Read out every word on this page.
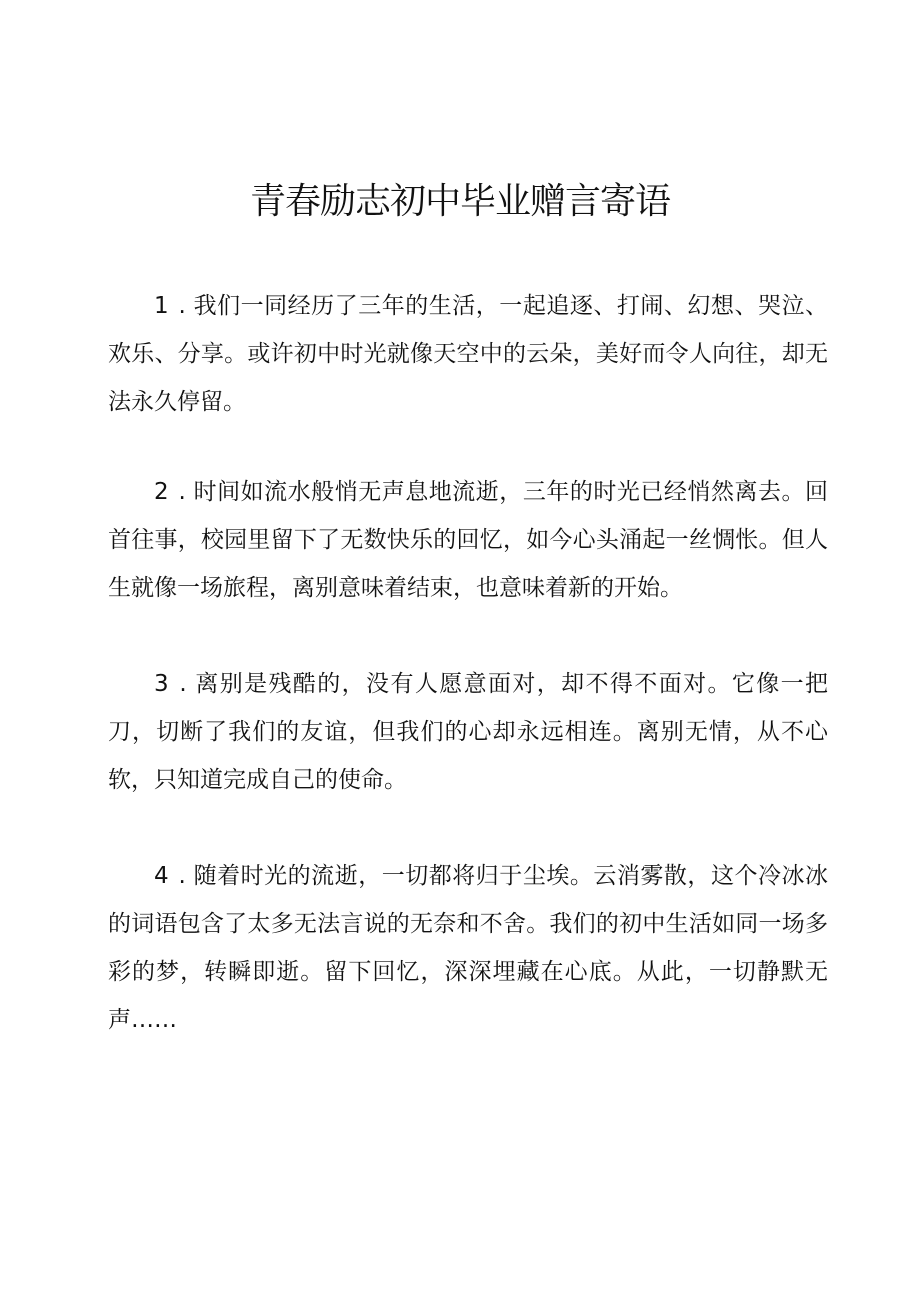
青春励志初中毕业赠言寄语

1 . 我们一同经历了三年的生活，一起追逐、打闹、幻想、哭泣、欢乐、分享。或许初中时光就像天空中的云朵，美好而令人向往，却无法永久停留。

2 . 时间如流水般悄无声息地流逝，三年的时光已经悄然离去。回首往事，校园里留下了无数快乐的回忆，如今心头涌起一丝惆怅。但人生就像一场旅程，离别意味着结束，也意味着新的开始。

3 . 离别是残酷的，没有人愿意面对，却不得不面对。它像一把刀，切断了我们的友谊，但我们的心却永远相连。离别无情，从不心软，只知道完成自己的使命。

4 . 随着时光的流逝，一切都将归于尘埃。云消雾散，这个冷冰冰的词语包含了太多无法言说的无奈和不舍。我们的初中生活如同一场多彩的梦，转瞬即逝。留下回忆，深深埋藏在心底。从此，一切静默无声……
